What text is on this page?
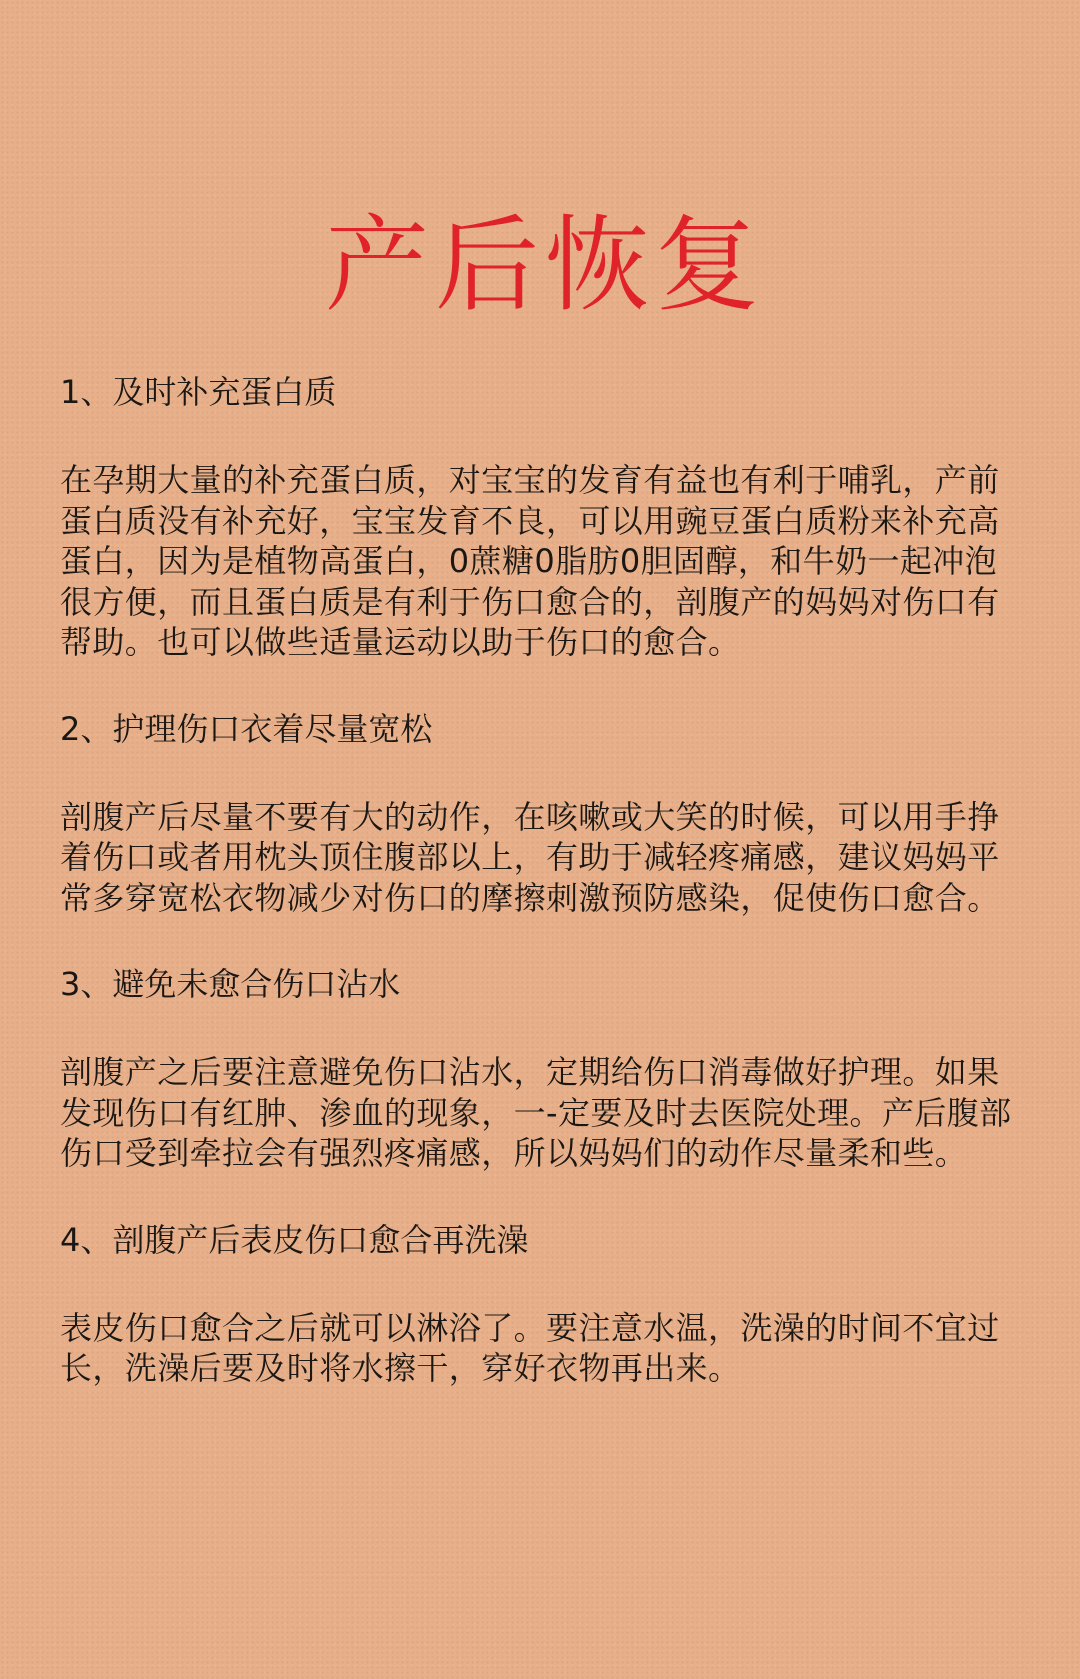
产后恢复
1、及时补充蛋白质

在孕期大量的补充蛋白质，对宝宝的发育有益也有利于哺乳，产前蛋白质没有补充好，宝宝发育不良，可以用豌豆蛋白质粉来补充高蛋白，因为是植物高蛋白，0蔗糖0脂肪0胆固醇，和牛奶一起冲泡很方便，而且蛋白质是有利于伤口愈合的，剖腹产的妈妈对伤口有帮助。也可以做些适量运动以助于伤口的愈合。

2、护理伤口衣着尽量宽松

剖腹产后尽量不要有大的动作，在咳嗽或大笑的时候，可以用手挣着伤口或者用枕头顶住腹部以上，有助于减轻疼痛感，建议妈妈平常多穿宽松衣物减少对伤口的摩擦刺激预防感染，促使伤口愈合。

3、避免未愈合伤口沾水

剖腹产之后要注意避免伤口沾水，定期给伤口消毒做好护理。如果发现伤口有红肿、渗血的现象，一-定要及时去医院处理。产后腹部伤口受到牵拉会有强烈疼痛感，所以妈妈们的动作尽量柔和些。

4、剖腹产后表皮伤口愈合再洗澡

表皮伤口愈合之后就可以淋浴了。要注意水温，洗澡的时间不宜过长，洗澡后要及时将水擦干，穿好衣物再出来。
